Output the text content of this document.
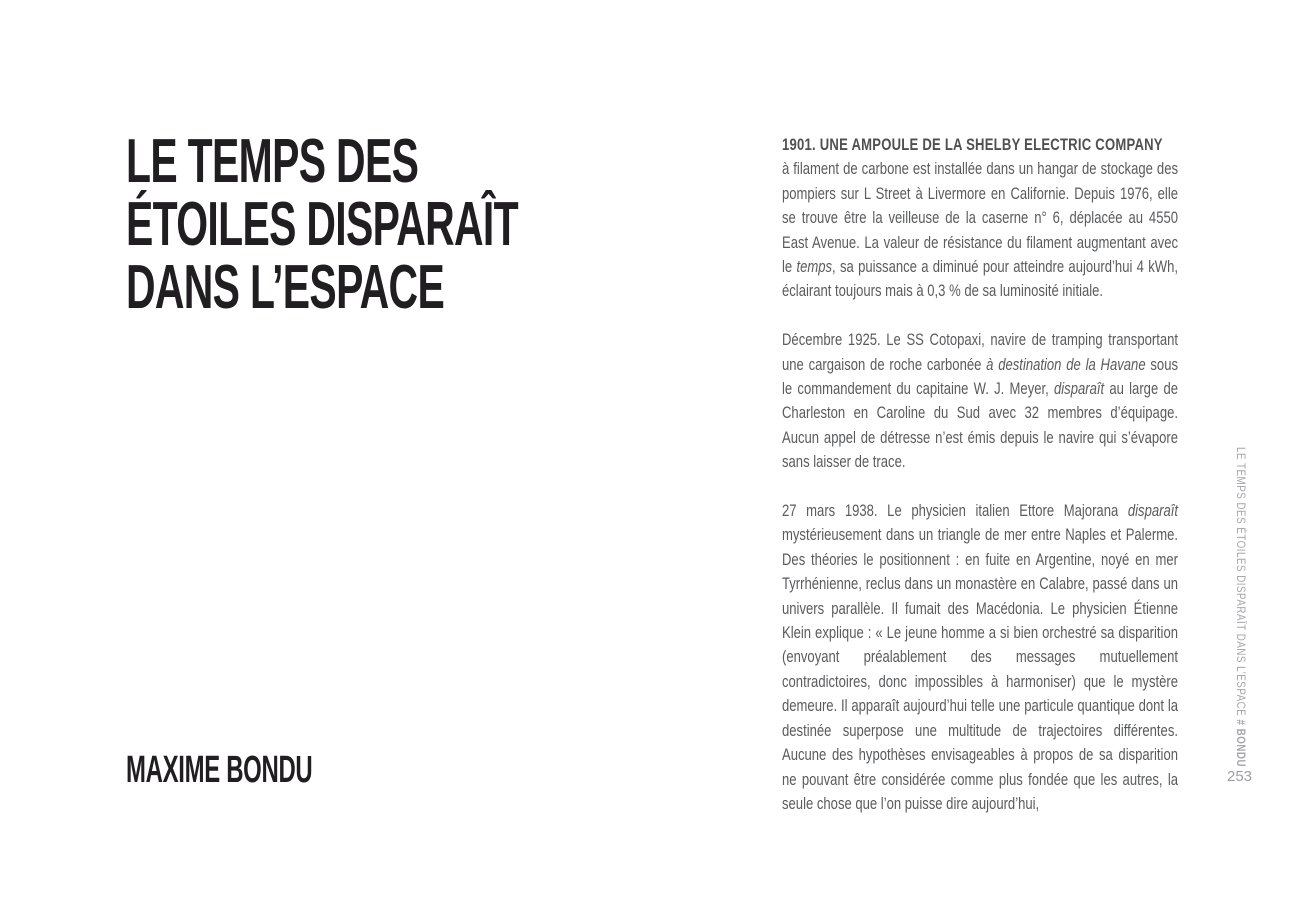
LE TEMPS DES
ÉTOILES DISPARAÎT
DANS L’ESPACE
MAXIME BONDU
1901. UNE AMPOULE DE LA SHELBY ELECTRIC COMPANY

à filament de carbone est installée dans un hangar de stockage des pompiers sur L Street à Livermore en Californie. Depuis 1976, elle se trouve être la veilleuse de la caserne n° 6, déplacée au 4550 East Avenue. La valeur de résistance du filament augmentant avec le temps, sa puissance a diminué pour atteindre aujourd’hui 4 kWh, éclairant toujours mais à 0,3 % de sa luminosité initiale.

Décembre 1925. Le SS Cotopaxi, navire de tramping transportant une cargaison de roche carbonée à destination de la Havane sous le commandement du capitaine W. J. Meyer, disparaît au large de Charleston en Caroline du Sud avec 32 membres d’équipage. Aucun appel de détresse n’est émis depuis le navire qui s’évapore sans laisser de trace.

27 mars 1938. Le physicien italien Ettore Majorana disparaît mystérieusement dans un triangle de mer entre Naples et Palerme. Des théories le positionnent : en fuite en Argentine, noyé en mer Tyrrhénienne, reclus dans un monastère en Calabre, passé dans un univers parallèle. Il fumait des Macédonia. Le physicien Étienne Klein explique : « Le jeune homme a si bien orchestré sa disparition (envoyant préalablement des messages mutuellement contradictoires, donc impossibles à harmoniser) que le mystère demeure. Il apparaît aujourd’hui telle une particule quantique dont la destinée superpose une multitude de trajectoires différentes. Aucune des hypothèses envisageables à propos de sa disparition ne pouvant être considérée comme plus fondée que les autres, la seule chose que l’on puisse dire aujourd’hui,

LE TEMPS DES ÉTOILES DISPARAÎT DANS L’ESPACE # BONDU
253
